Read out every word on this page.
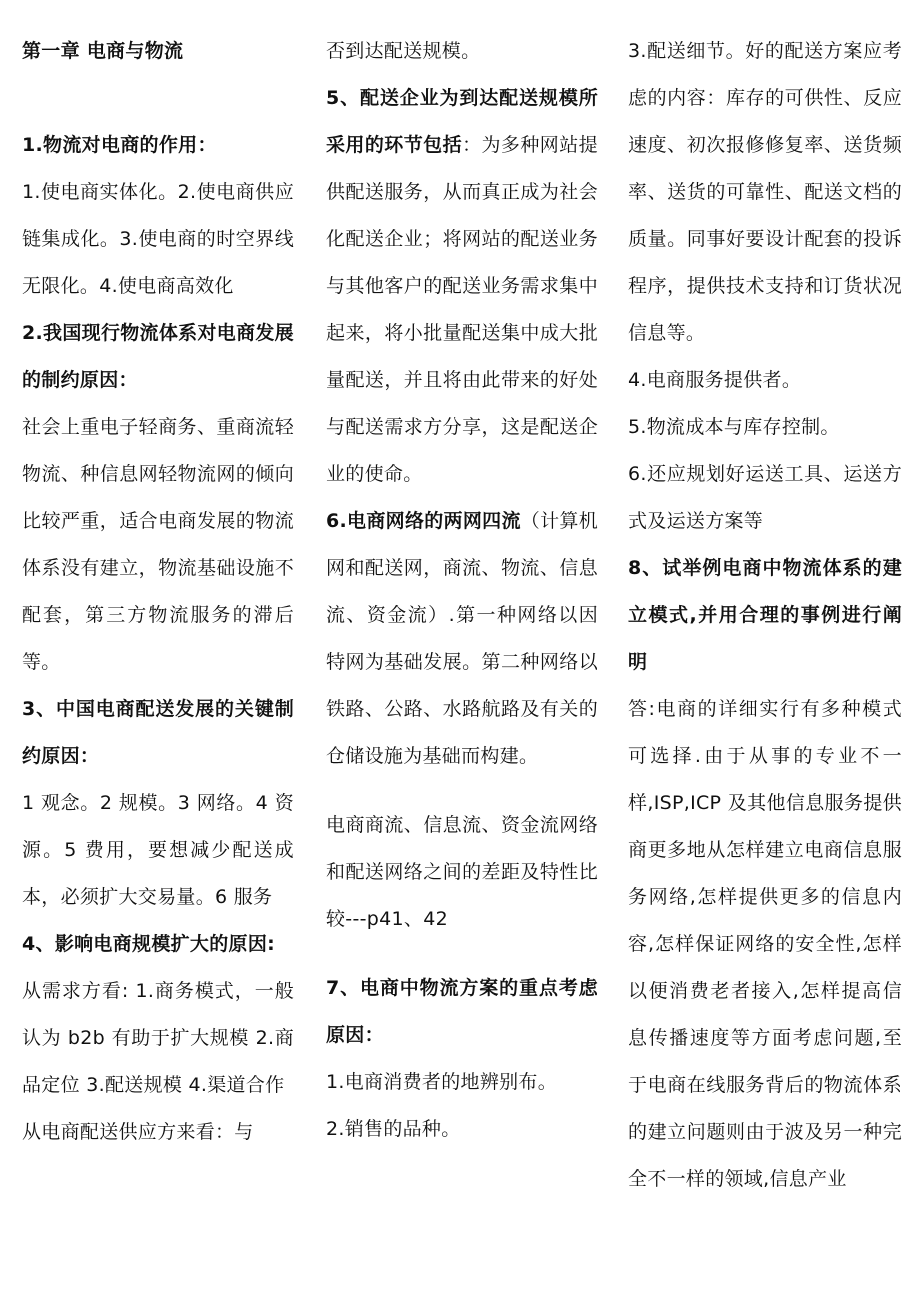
第一章 电商与物流

1.物流对电商的作用：

1.使电商实体化。2.使电商供应链集成化。3.使电商的时空界线无限化。4.使电商高效化

2.我国现行物流体系对电商发展的制约原因：

社会上重电子轻商务、重商流轻物流、种信息网轻物流网的倾向比较严重，适合电商发展的物流体系没有建立，物流基础设施不配套，第三方物流服务的滞后等。

3、中国电商配送发展的关键制约原因：

1 观念。2 规模。3 网络。4 资源。5 费用，要想减少配送成本，必须扩大交易量。6 服务

4、影响电商规模扩大的原因:

从需求方看: 1.商务模式，一般认为 b2b 有助于扩大规模 2.商品定位 3.配送规模 4.渠道合作

从电商配送供应方来看：与

否到达配送规模。

5、配送企业为到达配送规模所采用的环节包括：为多种网站提供配送服务，从而真正成为社会化配送企业；将网站的配送业务与其他客户的配送业务需求集中起来，将小批量配送集中成大批量配送，并且将由此带来的好处与配送需求方分享，这是配送企业的使命。

6.电商网络的两网四流（计算机网和配送网，商流、物流、信息流、资金流）.第一种网络以因特网为基础发展。第二种网络以铁路、公路、水路航路及有关的仓储设施为基础而构建。

电商商流、信息流、资金流网络和配送网络之间的差距及特性比较---p41、42

7、电商中物流方案的重点考虑原因：

1.电商消费者的地辨别布。

2.销售的品种。

3.配送细节。好的配送方案应考虑的内容：库存的可供性、反应速度、初次报修修复率、送货频率、送货的可靠性、配送文档的质量。同事好要设计配套的投诉程序，提供技术支持和订货状况信息等。

4.电商服务提供者。

5.物流成本与库存控制。

6.还应规划好运送工具、运送方式及运送方案等

8、试举例电商中物流体系的建立模式,并用合理的事例进行阐明

答:电商的详细实行有多种模式可选择.由于从事的专业不一样,ISP,ICP 及其他信息服务提供商更多地从怎样建立电商信息服务网络,怎样提供更多的信息内容,怎样保证网络的安全性,怎样以便消费老者接入,怎样提高信息传播速度等方面考虑问题,至于电商在线服务背后的物流体系的建立问题则由于波及另一种完全不一样的领域,信息产业
